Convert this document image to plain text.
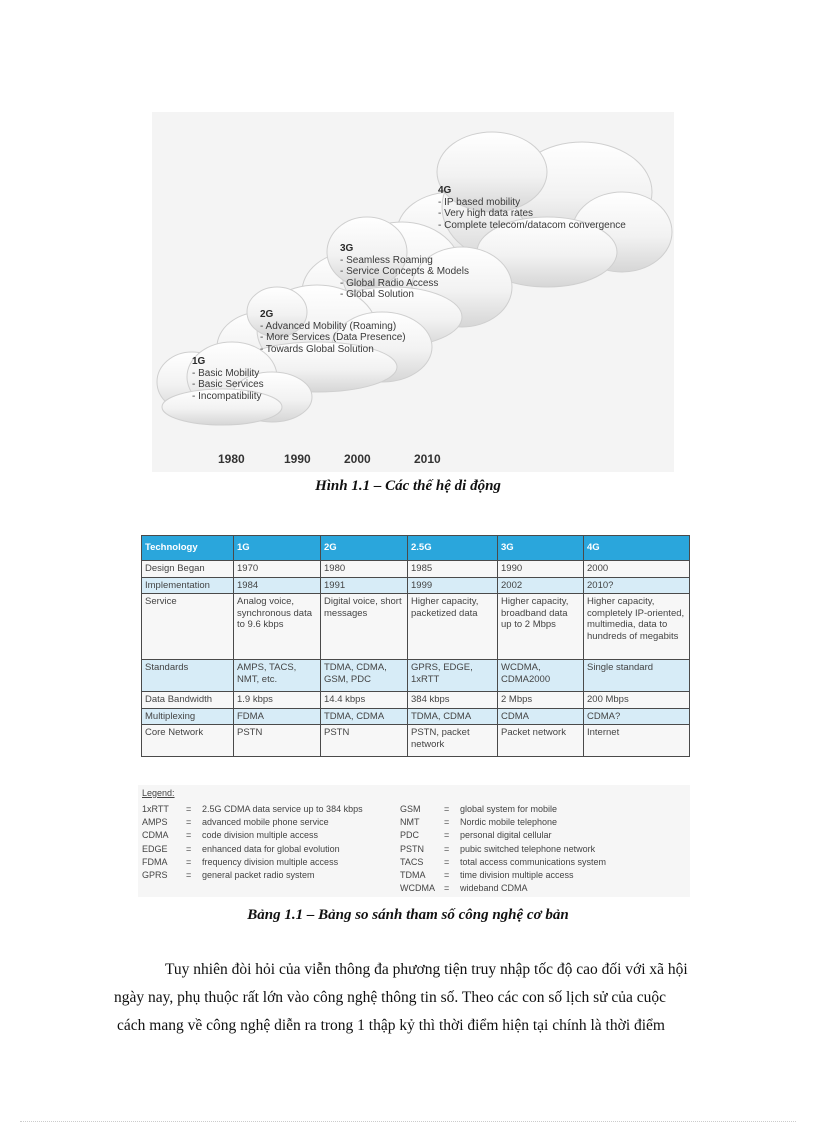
1G
- Basic Mobility
- Basic Services
- Incompatibility
2G
- Advanced Mobility (Roaming)
- More Services (Data Presence)
- Towards Global Solution
3G
- Seamless Roaming
- Service Concepts & Models
- Global Radio Access
- Global Solution
4G
- IP based mobility
- Very high data rates
- Complete telecom/datacom convergence
1980	1990	2000	2010
Hình 1.1 – Các thế hệ di động
Technology	1G	2G	2.5G	3G	4G
Design Began	1970	1980	1985	1990	2000
Implementation	1984	1991	1999	2002	2010?
Service	Analog voice, synchronous data to 9.6 kbps	Digital voice, short messages	Higher capacity, packetized data	Higher capacity, broadband data up to 2 Mbps	Higher capacity, completely IP-oriented, multimedia, data to hundreds of megabits
Standards	AMPS, TACS, NMT, etc.	TDMA, CDMA, GSM, PDC	GPRS, EDGE, 1xRTT	WCDMA, CDMA2000	Single standard
Data Bandwidth	1.9 kbps	14.4 kbps	384 kbps	2 Mbps	200 Mbps
Multiplexing	FDMA	TDMA, CDMA	TDMA, CDMA	CDMA	CDMA?
Core Network	PSTN	PSTN	PSTN, packet network	Packet network	Internet
Legend:
1xRTT = 2.5G CDMA data service up to 384 kbps
AMPS = advanced mobile phone service
CDMA = code division multiple access
EDGE = enhanced data for global evolution
FDMA = frequency division multiple access
GPRS = general packet radio system
GSM	= global system for mobile
NMT	= Nordic mobile telephone
PDC	= personal digital cellular
PSTN = pubic switched telephone network
TACS = total access communications system
TDMA = time division multiple access
WCDMA = wideband CDMA
Bảng 1.1 – Bảng so sánh tham số công nghệ cơ bản
Tuy nhiên đòi hỏi của viễn thông đa phương tiện truy nhập tốc độ cao đối với xã hội
ngày nay, phụ thuộc rất lớn vào công nghệ thông tin số. Theo các con số lịch sử của cuộc
cách mang về công nghệ diễn ra trong 1 thập kỷ thì thời điểm hiện tại chính là thời điểm
